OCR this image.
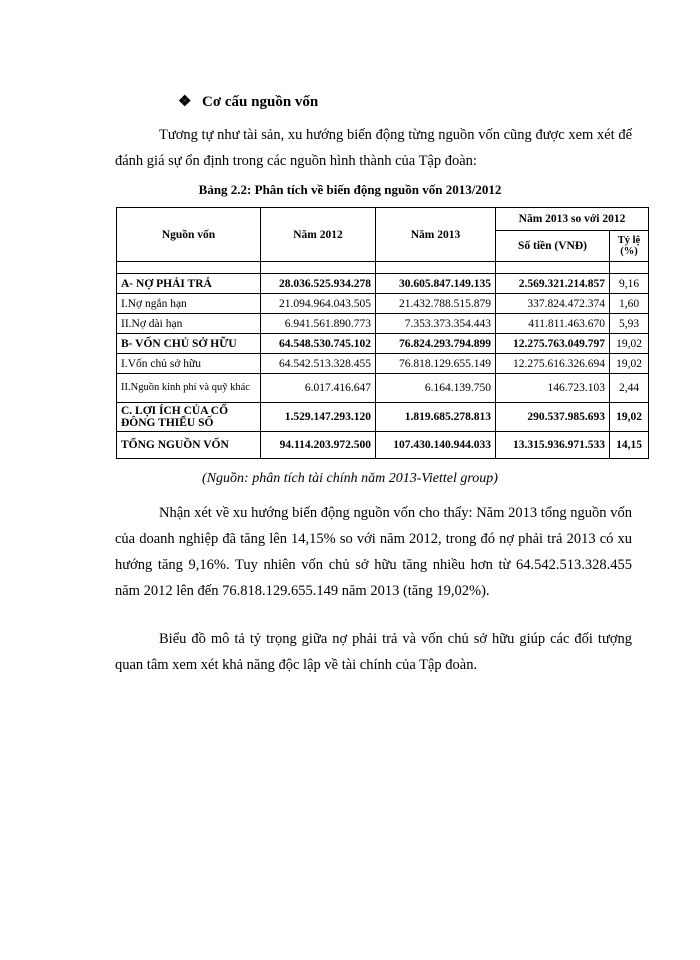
❖ Cơ cấu nguồn vốn
Tương tự như tài sản, xu hướng biến động từng nguồn vốn cũng được xem xét để đánh giá sự ổn định trong các nguồn hình thành của Tập đoàn:
Bảng 2.2: Phân tích về biến động nguồn vốn 2013/2012
Nguồn vốn	Năm 2012	Năm 2013	Năm 2013 so với 2012	
			Số tiền (VNĐ)	Tỷ lệ (%)

A- NỢ PHẢI TRẢ	28.036.525.934.278	30.605.847.149.135	2.569.321.214.857	9,16
I.Nợ ngắn hạn	21.094.964.043.505	21.432.788.515.879	337.824.472.374	1,60
II.Nợ dài hạn	6.941.561.890.773	7.353.373.354.443	411.811.463.670	5,93
B- VỐN CHỦ SỞ HỮU	64.548.530.745.102	76.824.293.794.899	12.275.763.049.797	19,02
I.Vốn chủ sở hữu	64.542.513.328.455	76.818.129.655.149	12.275.616.326.694	19,02
II.Nguồn kinh phí và quỹ khác	6.017.416.647	6.164.139.750	146.723.103	2,44
C. LỢI ÍCH CỦA CỔ ĐÔNG THIỂU SỐ	1.529.147.293.120	1.819.685.278.813	290.537.985.693	19,02
TỔNG NGUỒN VỐN	94.114.203.972.500	107.430.140.944.033	13.315.936.971.533	14,15
(Nguồn: phân tích tài chính năm 2013-Viettel group)
Nhận xét về xu hướng biến động nguồn vốn cho thấy: Năm 2013 tổng nguồn vốn của doanh nghiệp đã tăng lên 14,15% so với năm 2012, trong đó nợ phải trả 2013 có xu hướng tăng 9,16%. Tuy nhiên vốn chủ sở hữu tăng nhiều hơn từ 64.542.513.328.455 năm 2012 lên đến 76.818.129.655.149 năm 2013 (tăng 19,02%).
Biểu đồ mô tả tỷ trọng giữa nợ phải trả và vốn chủ sở hữu giúp các đối tượng quan tâm xem xét khả năng độc lập về tài chính của Tập đoàn.
